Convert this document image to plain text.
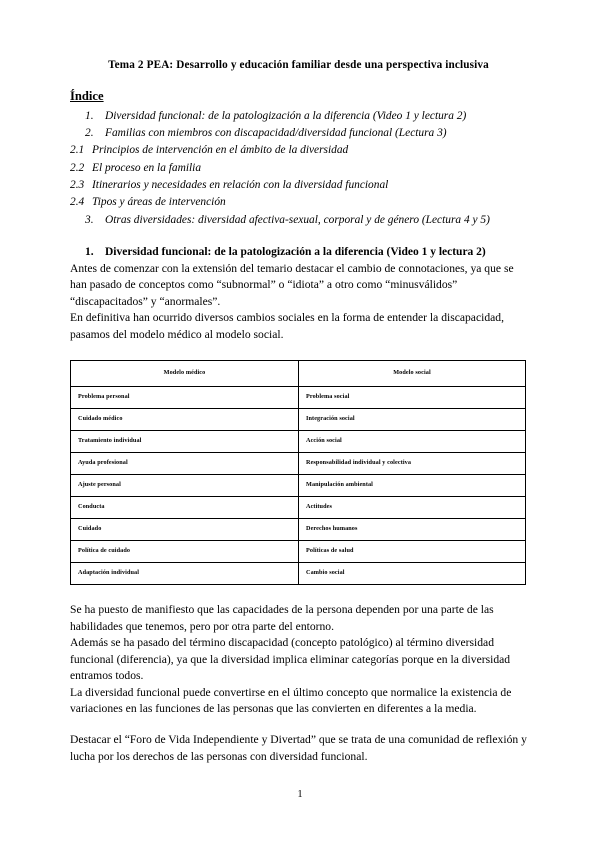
Tema 2 PEA: Desarrollo y educación familiar desde una perspectiva inclusiva
Índice
1. Diversidad funcional: de la patologización a la diferencia (Video 1 y lectura 2)
2. Familias con miembros con discapacidad/diversidad funcional (Lectura 3)
2.1 Principios de intervención en el ámbito de la diversidad
2.2 El proceso en la familia
2.3 Itinerarios y necesidades en relación con la diversidad funcional
2.4 Tipos y áreas de intervención
3. Otras diversidades: diversidad afectiva-sexual, corporal y de género (Lectura 4 y 5)
1. Diversidad funcional: de la patologización a la diferencia (Video 1 y lectura 2)

Antes de comenzar con la extensión del temario destacar el cambio de connotaciones, ya que se han pasado de conceptos como “subnormal” o “idiota” a otro como “minusválidos” “discapacitados” y “anormales”.

En definitiva han ocurrido diversos cambios sociales en la forma de entender la discapacidad, pasamos del modelo médico al modelo social.

Modelo médico	Modelo social
Problema personal	Problema social
Cuidado médico	Integración social
Tratamiento individual	Acción social
Ayuda profesional	Responsabilidad individual y colectiva
Ajuste personal	Manipulación ambiental
Conducta	Actitudes
Cuidado	Derechos humanos
Política de cuidado	Políticas de salud
Adaptación individual	Cambio social

Se ha puesto de manifiesto que las capacidades de la persona dependen por una parte de las habilidades que tenemos, pero por otra parte del entorno.

Además se ha pasado del término discapacidad (concepto patológico) al término diversidad funcional (diferencia), ya que la diversidad implica eliminar categorías porque en la diversidad entramos todos.

La diversidad funcional puede convertirse en el último concepto que normalice la existencia de variaciones en las funciones de las personas que las convierten en diferentes a la media.

Destacar el “Foro de Vida Independiente y Divertad” que se trata de una comunidad de reflexión y lucha por los derechos de las personas con diversidad funcional.

1
